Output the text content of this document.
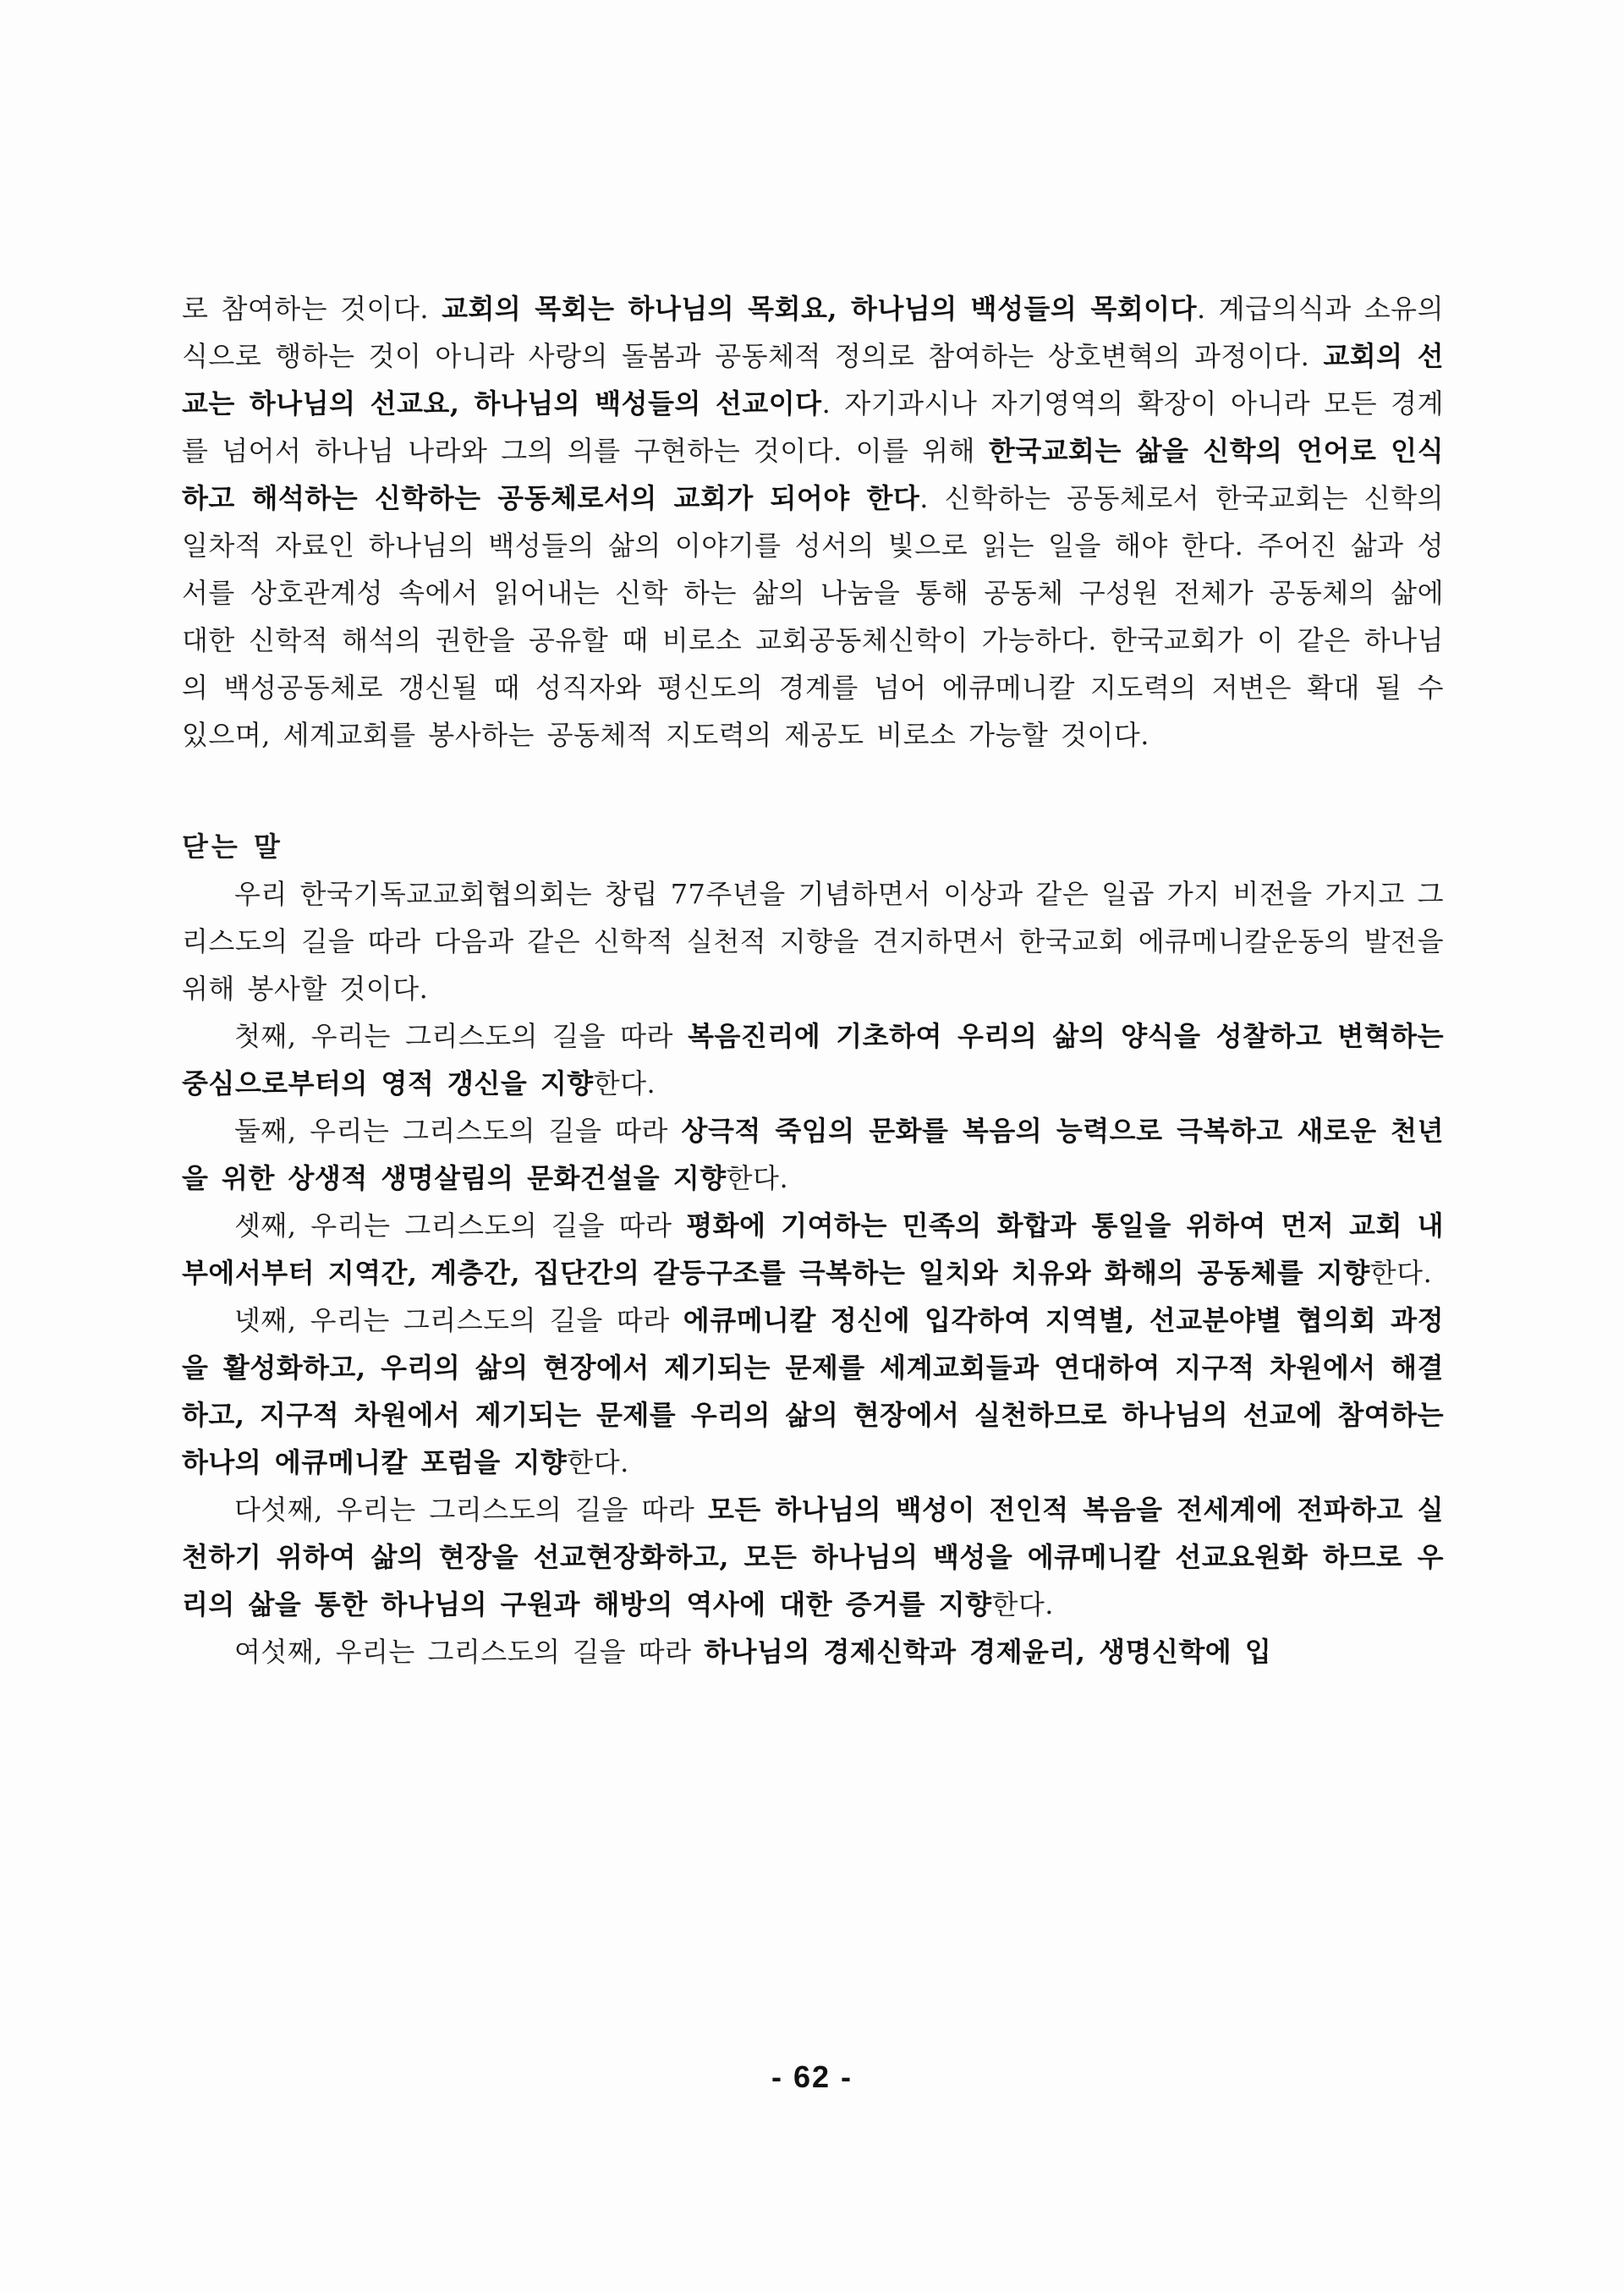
로 참여하는 것이다. 교회의 목회는 하나님의 목회요, 하나님의 백성들의 목회이다. 계급의식과 소유의식으로 행하는 것이 아니라 사랑의 돌봄과 공동체적 정의로 참여하는 상호변혁의 과정이다. 교회의 선교는 하나님의 선교요, 하나님의 백성들의 선교이다. 자기과시나 자기영역의 확장이 아니라 모든 경계를 넘어서 하나님 나라와 그의 의를 구현하는 것이다. 이를 위해 한국교회는 삶을 신학의 언어로 인식하고 해석하는 신학하는 공동체로서의 교회가 되어야 한다. 신학하는 공동체로서 한국교회는 신학의 일차적 자료인 하나님의 백성들의 삶의 이야기를 성서의 빛으로 읽는 일을 해야 한다. 주어진 삶과 성서를 상호관계성 속에서 읽어내는 신학 하는 삶의 나눔을 통해 공동체 구성원 전체가 공동체의 삶에 대한 신학적 해석의 권한을 공유할 때 비로소 교회공동체신학이 가능하다. 한국교회가 이 같은 하나님의 백성공동체로 갱신될 때 성직자와 평신도의 경계를 넘어 에큐메니칼 지도력의 저변은 확대 될 수 있으며, 세계교회를 봉사하는 공동체적 지도력의 제공도 비로소 가능할 것이다.

닫는 말

우리 한국기독교교회협의회는 창립 77주년을 기념하면서 이상과 같은 일곱 가지 비전을 가지고 그리스도의 길을 따라 다음과 같은 신학적 실천적 지향을 견지하면서 한국교회 에큐메니칼운동의 발전을 위해 봉사할 것이다.

첫째, 우리는 그리스도의 길을 따라 복음진리에 기초하여 우리의 삶의 양식을 성찰하고 변혁하는 중심으로부터의 영적 갱신을 지향한다.

둘째, 우리는 그리스도의 길을 따라 상극적 죽임의 문화를 복음의 능력으로 극복하고 새로운 천년을 위한 상생적 생명살림의 문화건설을 지향한다.

셋째, 우리는 그리스도의 길을 따라 평화에 기여하는 민족의 화합과 통일을 위하여 먼저 교회 내부에서부터 지역간, 계층간, 집단간의 갈등구조를 극복하는 일치와 치유와 화해의 공동체를 지향한다.

넷째, 우리는 그리스도의 길을 따라 에큐메니칼 정신에 입각하여 지역별, 선교분야별 협의회 과정을 활성화하고, 우리의 삶의 현장에서 제기되는 문제를 세계교회들과 연대하여 지구적 차원에서 해결하고, 지구적 차원에서 제기되는 문제를 우리의 삶의 현장에서 실천하므로 하나님의 선교에 참여하는 하나의 에큐메니칼 포럼을 지향한다.

다섯째, 우리는 그리스도의 길을 따라 모든 하나님의 백성이 전인적 복음을 전세계에 전파하고 실천하기 위하여 삶의 현장을 선교현장화하고, 모든 하나님의 백성을 에큐메니칼 선교요원화 하므로 우리의 삶을 통한 하나님의 구원과 해방의 역사에 대한 증거를 지향한다.

여섯째, 우리는 그리스도의 길을 따라 하나님의 경제신학과 경제윤리, 생명신학에 입

- 62 -
